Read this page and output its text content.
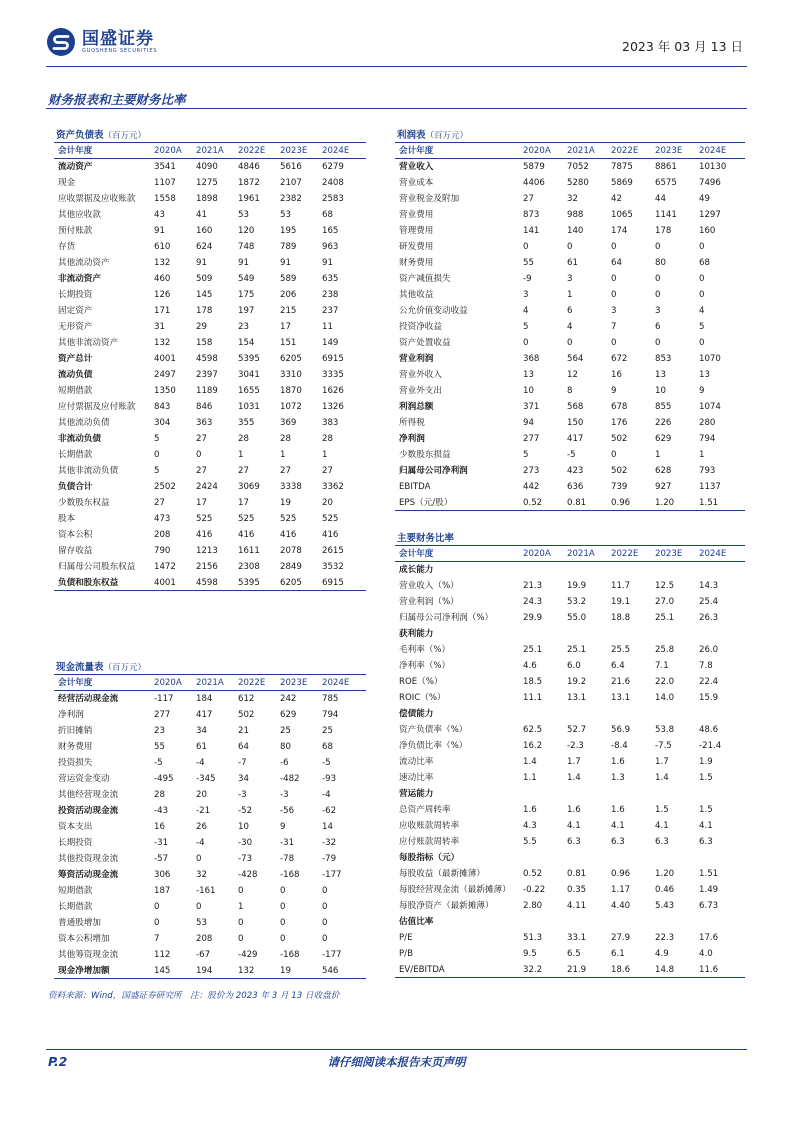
国盛证券
GUOSHENG SECURITIES	2023 年 03 月 13 日
财务报表和主要财务比率
资产负债表（百万元）
会计年度	2020A	2021A	2022E	2023E	2024E
流动资产	3541	4090	4846	5616	6279
现金	1107	1275	1872	2107	2408
应收票据及应收账款	1558	1898	1961	2382	2583
其他应收款	43	41	53	53	68
预付账款	91	160	120	195	165
存货	610	624	748	789	963
其他流动资产	132	91	91	91	91
非流动资产	460	509	549	589	635
长期投资	126	145	175	206	238
固定资产	171	178	197	215	237
无形资产	31	29	23	17	11
其他非流动资产	132	158	154	151	149
资产总计	4001	4598	5395	6205	6915
流动负债	2497	2397	3041	3310	3335
短期借款	1350	1189	1655	1870	1626
应付票据及应付账款	843	846	1031	1072	1326
其他流动负债	304	363	355	369	383
非流动负债	5	27	28	28	28
长期借款	0	0	1	1	1
其他非流动负债	5	27	27	27	27
负债合计	2502	2424	3069	3338	3362
少数股东权益	27	17	17	19	20
股本	473	525	525	525	525
资本公积	208	416	416	416	416
留存收益	790	1213	1611	2078	2615
归属母公司股东权益	1472	2156	2308	2849	3532
负债和股东权益	4001	4598	5395	6205	6915
现金流量表（百万元）
会计年度	2020A	2021A	2022E	2023E	2024E
经营活动现金流	-117	184	612	242	785
净利润	277	417	502	629	794
折旧摊销	23	34	21	25	25
财务费用	55	61	64	80	68
投资损失	-5	-4	-7	-6	-5
营运资金变动	-495	-345	34	-482	-93
其他经营现金流	28	20	-3	-3	-4
投资活动现金流	-43	-21	-52	-56	-62
资本支出	16	26	10	9	14
长期投资	-31	-4	-30	-31	-32
其他投资现金流	-57	0	-73	-78	-79
筹资活动现金流	306	32	-428	-168	-177
短期借款	187	-161	0	0	0
长期借款	0	0	1	0	0
普通股增加	0	53	0	0	0
资本公积增加	7	208	0	0	0
其他筹资现金流	112	-67	-429	-168	-177
现金净增加额	145	194	132	19	546
利润表（百万元）
会计年度	2020A	2021A	2022E	2023E	2024E
营业收入	5879	7052	7875	8861	10130
营业成本	4406	5280	5869	6575	7496
营业税金及附加	27	32	42	44	49
营业费用	873	988	1065	1141	1297
管理费用	141	140	174	178	160
研发费用	0	0	0	0	0
财务费用	55	61	64	80	68
资产减值损失	-9	3	0	0	0
其他收益	3	1	0	0	0
公允价值变动收益	4	6	3	3	4
投资净收益	5	4	7	6	5
资产处置收益	0	0	0	0	0
营业利润	368	564	672	853	1070
营业外收入	13	12	16	13	13
营业外支出	10	8	9	10	9
利润总额	371	568	678	855	1074
所得税	94	150	176	226	280
净利润	277	417	502	629	794
少数股东损益	5	-5	0	1	1
归属母公司净利润	273	423	502	628	793
EBITDA	442	636	739	927	1137
EPS（元/股）	0.52	0.81	0.96	1.20	1.51
主要财务比率
会计年度	2020A	2021A	2022E	2023E	2024E
成长能力
营业收入（%）	21.3	19.9	11.7	12.5	14.3
营业利润（%）	24.3	53.2	19.1	27.0	25.4
归属母公司净利润（%）	29.9	55.0	18.8	25.1	26.3
获利能力
毛利率（%）	25.1	25.1	25.5	25.8	26.0
净利率（%）	4.6	6.0	6.4	7.1	7.8
ROE（%）	18.5	19.2	21.6	22.0	22.4
ROIC（%）	11.1	13.1	13.1	14.0	15.9
偿债能力
资产负债率（%）	62.5	52.7	56.9	53.8	48.6
净负债比率（%）	16.2	-2.3	-8.4	-7.5	-21.4
流动比率	1.4	1.7	1.6	1.7	1.9
速动比率	1.1	1.4	1.3	1.4	1.5
营运能力
总资产周转率	1.6	1.6	1.6	1.5	1.5
应收账款周转率	4.3	4.1	4.1	4.1	4.1
应付账款周转率	5.5	6.3	6.3	6.3	6.3
每股指标（元）
每股收益（最新摊薄）	0.52	0.81	0.96	1.20	1.51
每股经营现金流（最新摊薄）	-0.22	0.35	1.17	0.46	1.49
每股净资产（最新摊薄）	2.80	4.11	4.40	5.43	6.73
估值比率
P/E	51.3	33.1	27.9	22.3	17.6
P/B	9.5	6.5	6.1	4.9	4.0
EV/EBITDA	32.2	21.9	18.6	14.8	11.6
资料来源：Wind，国盛证券研究所　注：股价为 2023 年 3 月 13 日收盘价
P.2	请仔细阅读本报告末页声明
